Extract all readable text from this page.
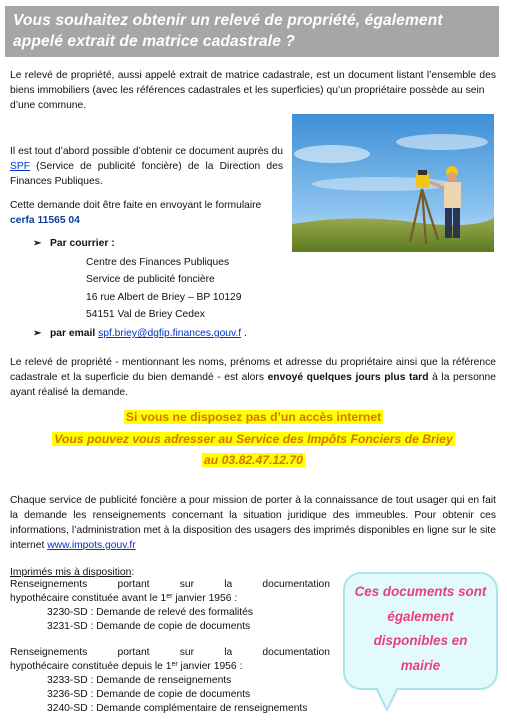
Vous souhaitez obtenir un relevé de propriété, également
appelé extrait de matrice cadastrale ?
Le relevé de propriété, aussi appelé extrait de matrice cadastrale, est un document listant l’ensemble des biens immobiliers (avec les références cadastrales et les superficies) qu’un propriétaire possède au sein
d’une commune.
Il est tout d’abord possible d’obtenir ce document auprès du SPF (Service de publicité foncière) de la Direction des Finances Publiques.
Cette demande doit être faite en envoyant le formulaire cerfa 11565 04
➢ Par courrier :
Centre des Finances Publiques
Service de publicité foncière
16 rue Albert de Briey – BP 10129
54151 Val de Briey Cedex
➢ par email spf.briey@dgfip.finances.gouv.f .
Le relevé de propriété - mentionnant les noms, prénoms et adresse du propriétaire ainsi que la référence cadastrale et la superficie du bien demandé - est alors envoyé quelques jours plus tard à la personne ayant réalisé la demande.
Si vous ne disposez pas d’un accès internet
Vous pouvez vous adresser au Service des Impôts Fonciers de Briey
au 03.82.47.12.70
Chaque service de publicité foncière a pour mission de porter à la connaissance de tout usager qui en fait la demande les renseignements concernant la situation juridique des immeubles. Pour obtenir ces informations, l’administration met à la disposition des usagers des imprimés disponibles en ligne sur le site internet www.impots.gouv.fr
Imprimés mis à disposition:
Renseignements	portant	sur	la	documentation
hypothécaire constituée avant le 1er janvier 1956 :
3230-SD : Demande de relevé des formalités
3231-SD : Demande de copie de documents
Renseignements	portant	sur	la	documentation
hypothécaire constituée depuis le 1er janvier 1956 :
3233-SD : Demande de renseignements
3236-SD : Demande de copie de documents
3240-SD : Demande complémentaire de renseignements
Ces documents sont
également
disponibles en
mairie
